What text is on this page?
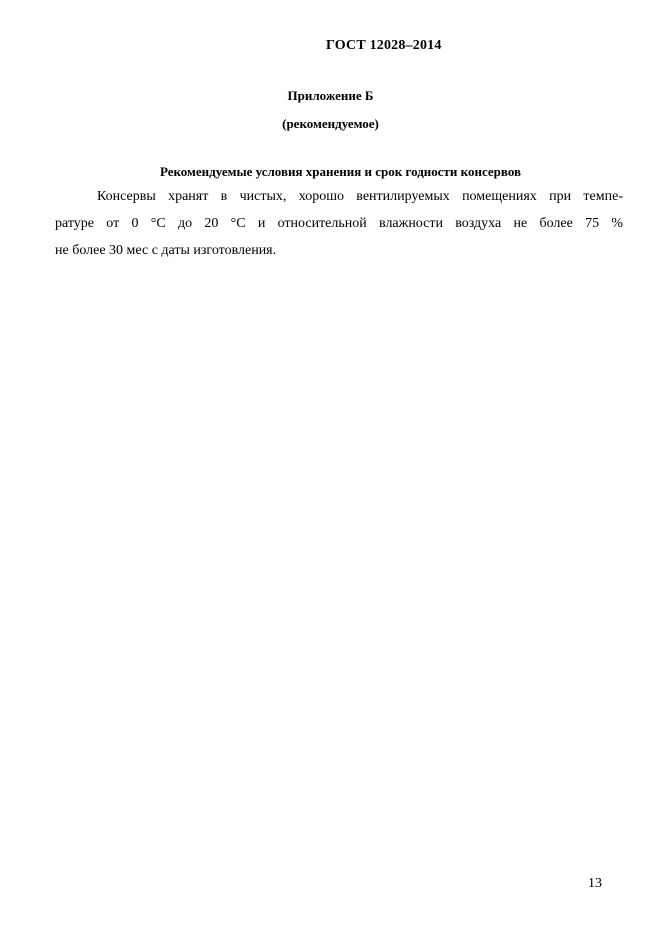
ГОСТ 12028–2014
Приложение Б
(рекомендуемое)
Рекомендуемые условия хранения и срок годности консервов
Консервы хранят в чистых, хорошо вентилируемых помещениях при темпе-
ратуре от 0 °С до 20 °С и относительной влажности воздуха не более 75 %
не более 30 мес с даты изготовления.
13
